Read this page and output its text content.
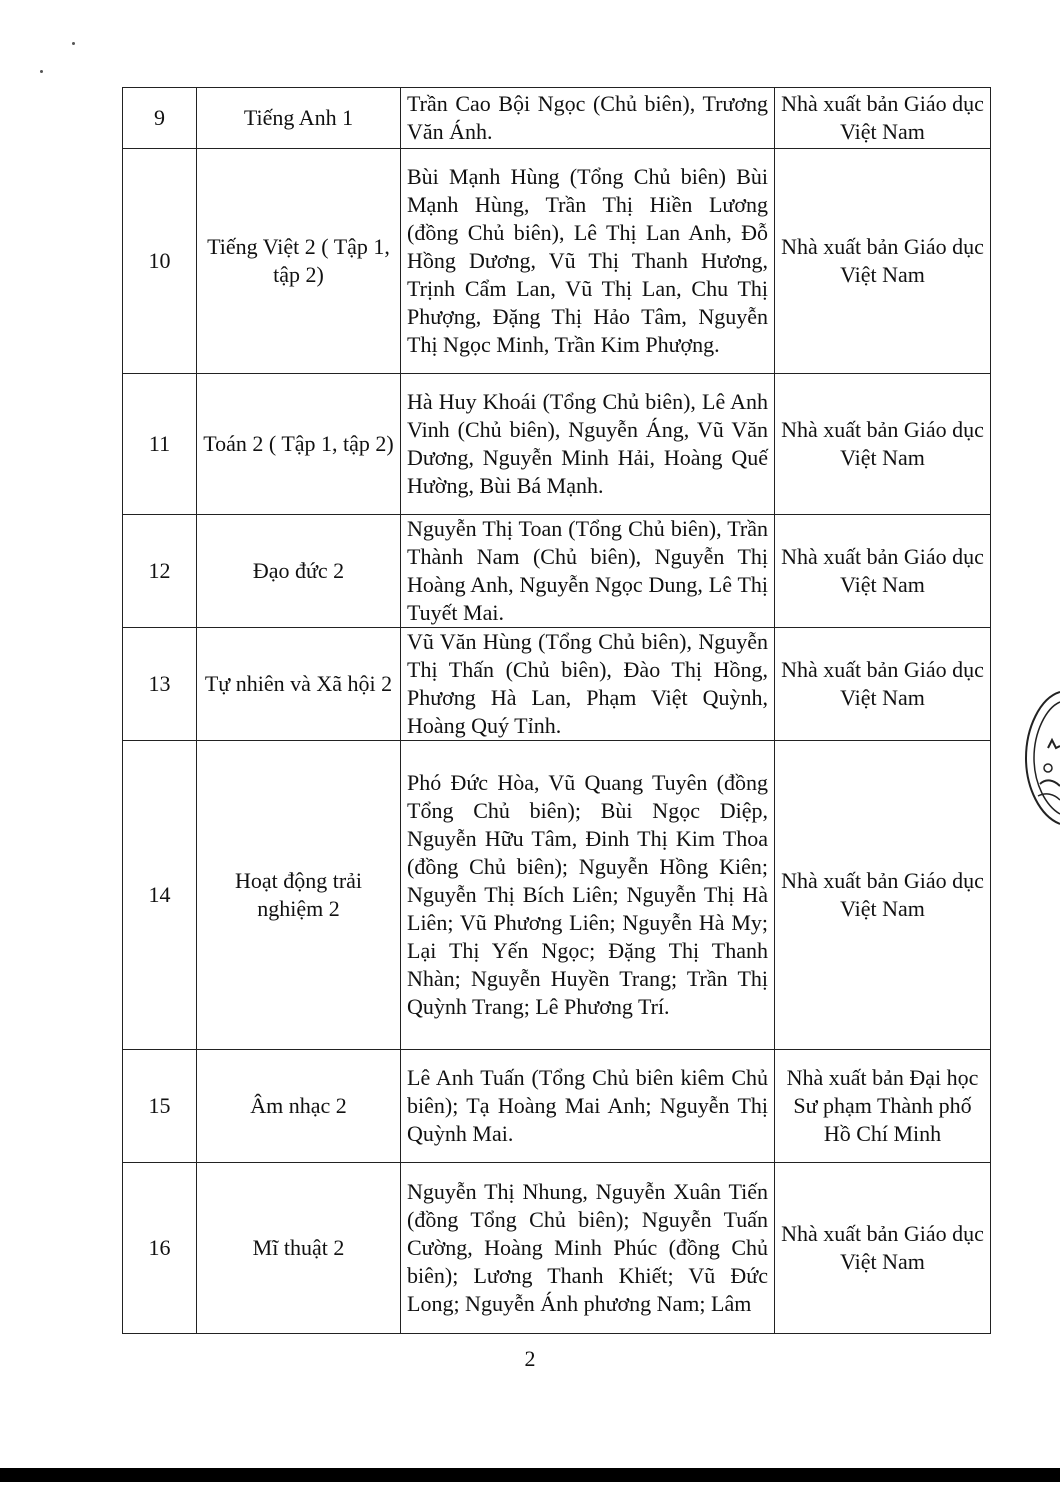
9	Tiếng Anh 1	Trần Cao Bội Ngọc (Chủ biên), Trương Văn Ánh.	Nhà xuất bản Giáo dục Việt Nam
10	Tiếng Việt 2 ( Tập 1, tập 2)	Bùi Mạnh Hùng (Tổng Chủ biên) Bùi Mạnh Hùng, Trần Thị Hiền Lương (đồng Chủ biên), Lê Thị Lan Anh, Đỗ Hồng Dương, Vũ Thị Thanh Hương, Trịnh Cẩm Lan, Vũ Thị Lan, Chu Thị Phượng, Đặng Thị Hảo Tâm, Nguyễn Thị Ngọc Minh, Trần Kim Phượng.	Nhà xuất bản Giáo dục Việt Nam
11	Toán 2 ( Tập 1, tập 2)	Hà Huy Khoái (Tổng Chủ biên), Lê Anh Vinh (Chủ biên), Nguyễn Áng, Vũ Văn Dương, Nguyễn Minh Hải, Hoàng Quế Hường, Bùi Bá Mạnh.	Nhà xuất bản Giáo dục Việt Nam
12	Đạo đức 2	Nguyễn Thị Toan (Tổng Chủ biên), Trần Thành Nam (Chủ biên), Nguyễn Thị Hoàng Anh, Nguyễn Ngọc Dung, Lê Thị Tuyết Mai.	Nhà xuất bản Giáo dục Việt Nam
13	Tự nhiên và Xã hội 2	Vũ Văn Hùng (Tổng Chủ biên), Nguyễn Thị Thấn (Chủ biên), Đào Thị Hồng, Phương Hà Lan, Phạm Việt Quỳnh, Hoàng Quý Tỉnh.	Nhà xuất bản Giáo dục Việt Nam
14	Hoạt động trải nghiệm 2	Phó Đức Hòa, Vũ Quang Tuyên (đồng Tổng Chủ biên); Bùi Ngọc Diệp, Nguyễn Hữu Tâm, Đinh Thị Kim Thoa (đồng Chủ biên); Nguyễn Hồng Kiên; Nguyễn Thị Bích Liên; Nguyễn Thị Hà Liên; Vũ Phương Liên; Nguyễn Hà My; Lại Thị Yến Ngọc; Đặng Thị Thanh Nhàn; Nguyễn Huyền Trang; Trần Thị Quỳnh Trang; Lê Phương Trí.	Nhà xuất bản Giáo dục Việt Nam
15	Âm nhạc 2	Lê Anh Tuấn (Tổng Chủ biên kiêm Chủ biên); Tạ Hoàng Mai Anh; Nguyễn Thị Quỳnh Mai.	Nhà xuất bản Đại học Sư phạm Thành phố Hồ Chí Minh
16	Mĩ thuật 2	Nguyễn Thị Nhung, Nguyễn Xuân Tiến (đồng Tổng Chủ biên); Nguyễn Tuấn Cường, Hoàng Minh Phúc (đồng Chủ biên); Lương Thanh Khiết; Vũ Đức Long; Nguyễn Ánh phương Nam; Lâm	Nhà xuất bản Giáo dục Việt Nam
2
